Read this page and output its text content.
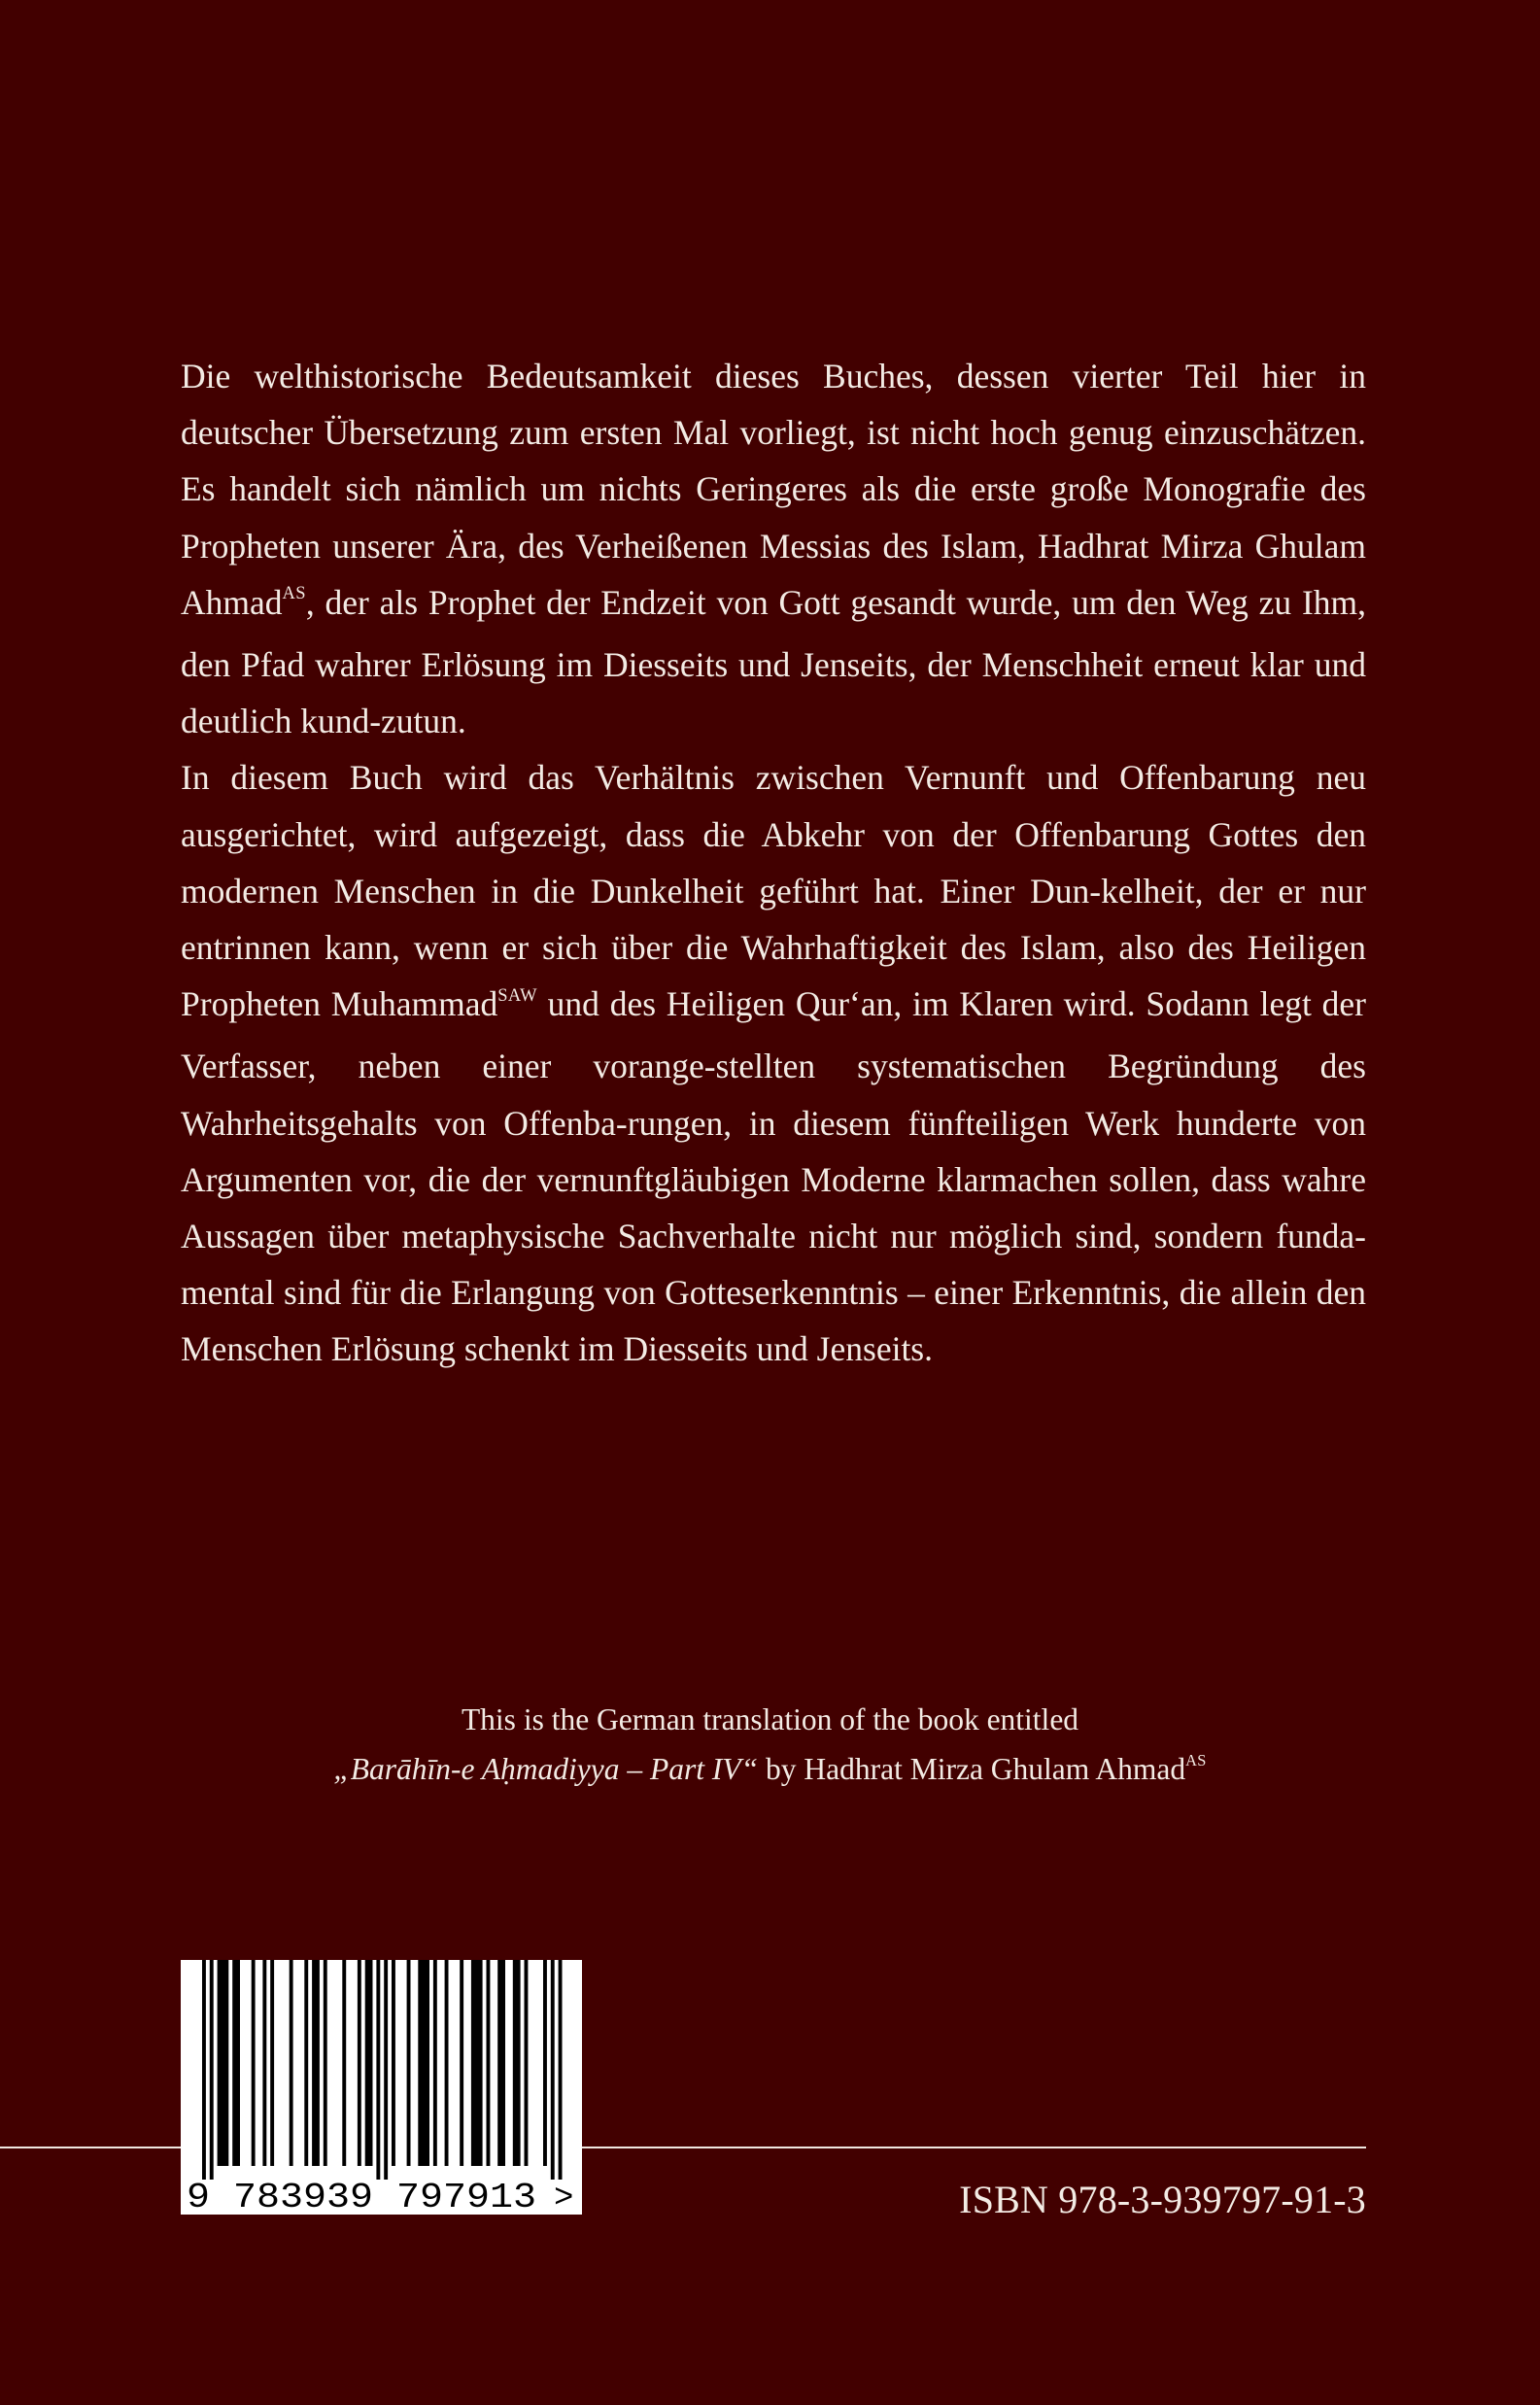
Die welthistorische Bedeutsamkeit dieses Buches, dessen vierter Teil hier in deutscher Übersetzung zum ersten Mal vorliegt, ist nicht hoch genug einzuschätzen. Es handelt sich nämlich um nichts Geringeres als die erste große Monografie des Propheten unserer Ära, des Verheißenen Messias des Islam, Hadhrat Mirza Ghulam Ahmad$^{AS}$, der als Prophet der Endzeit von Gott gesandt wurde, um den Weg zu Ihm, den Pfad wahrer Erlösung im Diesseits und Jenseits, der Menschheit erneut klar und deutlich kund-zutun.

In diesem Buch wird das Verhältnis zwischen Vernunft und Offenbarung neu ausgerichtet, wird aufgezeigt, dass die Abkehr von der Offenbarung Gottes den modernen Menschen in die Dunkelheit geführt hat. Einer Dun-kelheit, der er nur entrinnen kann, wenn er sich über die Wahrhaftigkeit des Islam, also des Heiligen Propheten Muhammad$^{SAW}$ und des Heiligen Qur‘an, im Klaren wird. Sodann legt der Verfasser, neben einer vorange-stellten systematischen Begründung des Wahrheitsgehalts von Offenba-rungen, in diesem fünfteiligen Werk hunderte von Argumenten vor, die der vernunftgläubigen Moderne klarmachen sollen, dass wahre Aussagen über metaphysische Sachverhalte nicht nur möglich sind, sondern funda-mental sind für die Erlangung von Gotteserkenntnis – einer Erkenntnis, die allein den Menschen Erlösung schenkt im Diesseits und Jenseits.

This is the German translation of the book entitled

„Barāhīn-e Aḥmadiyya – Part IV“ by Hadhrat Mirza Ghulam Ahmad$^{AS}$

9 783939 797913 >	ISBN 978-3-939797-91-3
